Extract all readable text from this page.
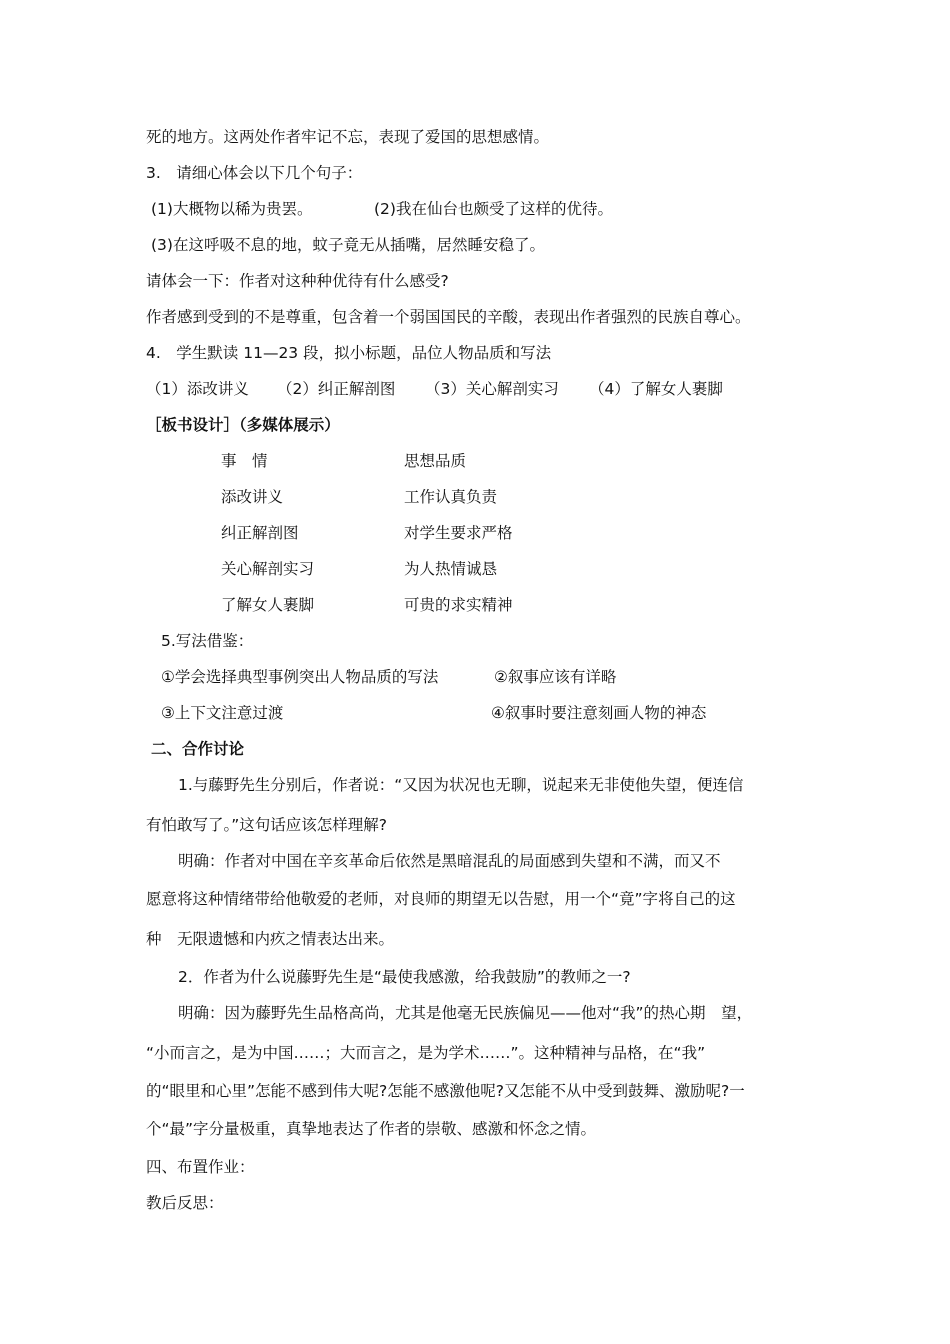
死的地方。这两处作者牢记不忘，表现了爱国的思想感情。
3.　请细心体会以下几个句子：
(1)大概物以稀为贵罢。	(2)我在仙台也颇受了这样的优待。
(3)在这呼吸不息的地，蚊子竟无从插嘴，居然睡安稳了。
请体会一下：作者对这种种优待有什么感受?
作者感到受到的不是尊重，包含着一个弱国国民的辛酸，表现出作者强烈的民族自尊心。
4.　学生默读 11—23 段，拟小标题，品位人物品质和写法
（1）添改讲义 （2）纠正解剖图 （3）关心解剖实习 （4）了解女人裹脚
［板书设计］（多媒体展示）
事　情	思想品质
添改讲义	工作认真负责
纠正解剖图	对学生要求严格
关心解剖实习	为人热情诚恳
了解女人裹脚	可贵的求实精神
5.写法借鉴：
①学会选择典型事例突出人物品质的写法	②叙事应该有详略
③上下文注意过渡	④叙事时要注意刻画人物的神态
二、合作讨论
1.与藤野先生分别后，作者说：“又因为状况也无聊，说起来无非使他失望，便连信
有怕敢写了。”这句话应该怎样理解?
明确：作者对中国在辛亥革命后依然是黑暗混乱的局面感到失望和不满，而又不
愿意将这种情绪带给他敬爱的老师，对良师的期望无以告慰，用一个“竟”字将自己的这
种　无限遗憾和内疚之情表达出来。
2．作者为什么说藤野先生是“最使我感激，给我鼓励”的教师之一?
明确：因为藤野先生品格高尚，尤其是他毫无民族偏见——他对“我”的热心期　望，
“小而言之，是为中国……；大而言之，是为学术……”。这种精神与品格，在“我”
的“眼里和心里”怎能不感到伟大呢?怎能不感激他呢?又怎能不从中受到鼓舞、激励呢?一
个“最”字分量极重，真挚地表达了作者的崇敬、感激和怀念之情。
四、布置作业：
教后反思：
